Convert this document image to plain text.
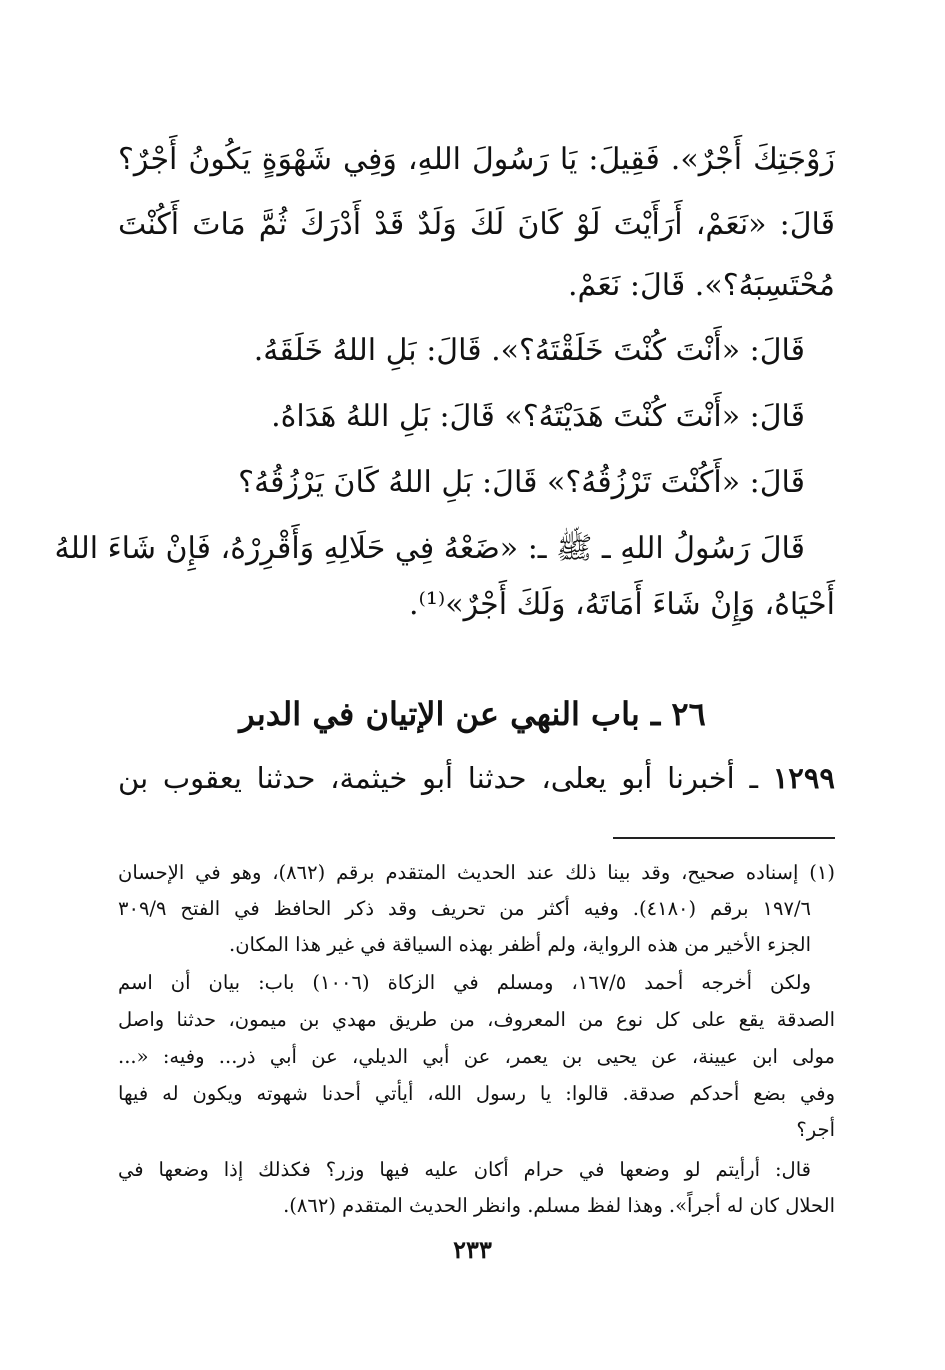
زَوْجَتِكَ أَجْرٌ». فَقِيلَ: يَا رَسُولَ اللهِ، وَفِي شَهْوَةٍ يَكُونُ أَجْرٌ؟
قَالَ: «نَعَمْ، أَرَأَيْتَ لَوْ كَانَ لَكَ وَلَدٌ قَدْ أَدْرَكَ ثُمَّ مَاتَ أَكُنْتَ
مُحْتَسِبَهُ؟». قَالَ: نَعَمْ.
قَالَ: «أَنْتَ كُنْتَ خَلَقْتَهُ؟». قَالَ: بَلِ اللهُ خَلَقَهُ.
قَالَ: «أَنْتَ كُنْتَ هَدَيْتَهُ؟» قَالَ: بَلِ اللهُ هَدَاهُ.
قَالَ: «أَكُنْتَ تَرْزُقُهُ؟» قَالَ: بَلِ اللهُ كَانَ يَرْزُقُهُ؟
قَالَ رَسُولُ اللهِ ـ ﷺ ـ: «ضَعْهُ فِي حَلَالِهِ وَأَقْرِرْهُ، فَإِنْ شَاءَ اللهُ
أَحْيَاهُ، وَإِنْ شَاءَ أَمَاتَهُ، وَلَكَ أَجْرٌ»⁽¹⁾.
٢٦ ـ باب النهي عن الإتيان في الدبر
١٢٩٩ ـ أخبرنا أبو يعلى، حدثنا أبو خيثمة، حدثنا يعقوب بن
(١) إسناده صحيح، وقد بينا ذلك عند الحديث المتقدم برقم (٨٦٢)، وهو في الإحسان
١٩٧/٦ برقم (٤١٨٠). وفيه أكثر من تحريف وقد ذكر الحافظ في الفتح ٣٠٩/٩
الجزء الأخير من هذه الرواية، ولم أظفر بهذه السياقة في غير هذا المكان.
ولكن أخرجه أحمد ١٦٧/٥، ومسلم في الزكاة (١٠٠٦) باب: بيان أن اسم
الصدقة يقع على كل نوع من المعروف، من طريق مهدي بن ميمون، حدثنا واصل
مولى ابن عيينة، عن يحيى بن يعمر، عن أبي الديلي، عن أبي ذر... وفيه: «...
وفي بضع أحدكم صدقة. قالوا: يا رسول الله، أيأتي أحدنا شهوته ويكون له فيها
أجر؟
قال: أرأيتم لو وضعها في حرام أكان عليه فيها وزر؟ فكذلك إذا وضعها في
الحلال كان له أجراً». وهذا لفظ مسلم. وانظر الحديث المتقدم (٨٦٢).
٢٣٣
